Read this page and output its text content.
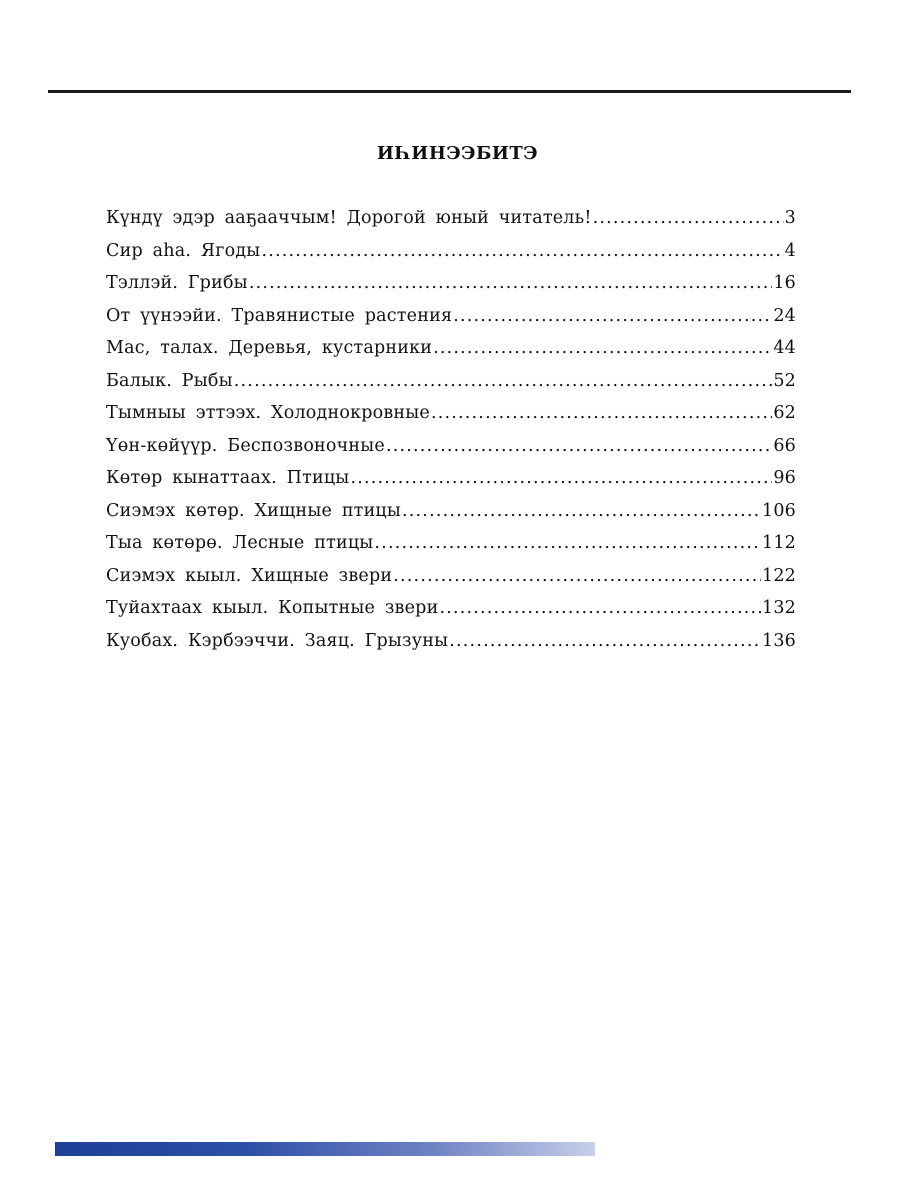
ИҺИНЭЭБИТЭ
Күндү эдэр ааҕааччым! Дорогой юный читатель! .....	3
Сир аһа. Ягоды .....	4
Тэллэй. Грибы .....	16
От үүнээйи. Травянистые растения .....	24
Мас, талах. Деревья, кустарники .....	44
Балык. Рыбы .....	52
Тымныы эттээх. Холоднокровные .....	62
Үөн-көйүүр. Беспозвоночные .....	66
Көтөр кынаттаах. Птицы .....	96
Сиэмэх көтөр. Хищные птицы .....	106
Тыа көтөрө. Лесные птицы .....	112
Сиэмэх кыыл. Хищные звери .....	122
Туйахтаах кыыл. Копытные звери .....	132
Куобах. Кэрбээччи. Заяц. Грызуны .....	136
